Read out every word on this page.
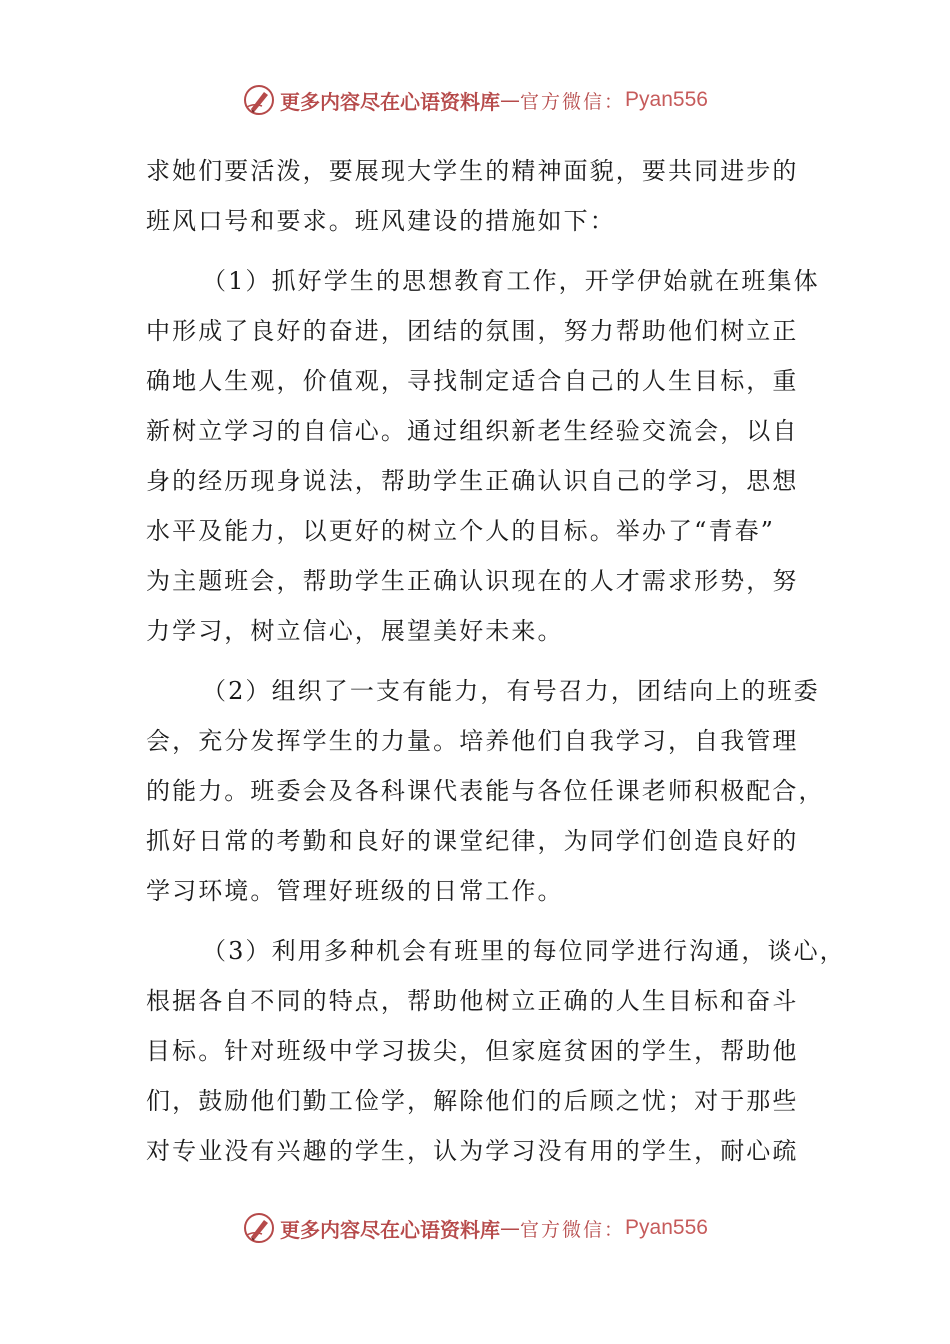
更多内容尽在心语资料库 — 官方微信： Pyan556
求她们要活泼，要展现大学生的精神面貌，要共同进步的
班风口号和要求。班风建设的措施如下：
（1）抓好学生的思想教育工作，开学伊始就在班集体
中形成了良好的奋进，团结的氛围，努力帮助他们树立正
确地人生观，价值观，寻找制定适合自己的人生目标，重
新树立学习的自信心。通过组织新老生经验交流会，以自
身的经历现身说法，帮助学生正确认识自己的学习，思想
水平及能力，以更好的树立个人的目标。举办了“青春”
为主题班会，帮助学生正确认识现在的人才需求形势，努
力学习，树立信心，展望美好未来。
（2）组织了一支有能力，有号召力，团结向上的班委
会，充分发挥学生的力量。培养他们自我学习，自我管理
的能力。班委会及各科课代表能与各位任课老师积极配合，
抓好日常的考勤和良好的课堂纪律，为同学们创造良好的
学习环境。管理好班级的日常工作。
（3）利用多种机会有班里的每位同学进行沟通，谈心，
根据各自不同的特点，帮助他树立正确的人生目标和奋斗
目标。针对班级中学习拔尖，但家庭贫困的学生，帮助他
们，鼓励他们勤工俭学，解除他们的后顾之忧；对于那些
对专业没有兴趣的学生，认为学习没有用的学生，耐心疏
更多内容尽在心语资料库 — 官方微信： Pyan556
